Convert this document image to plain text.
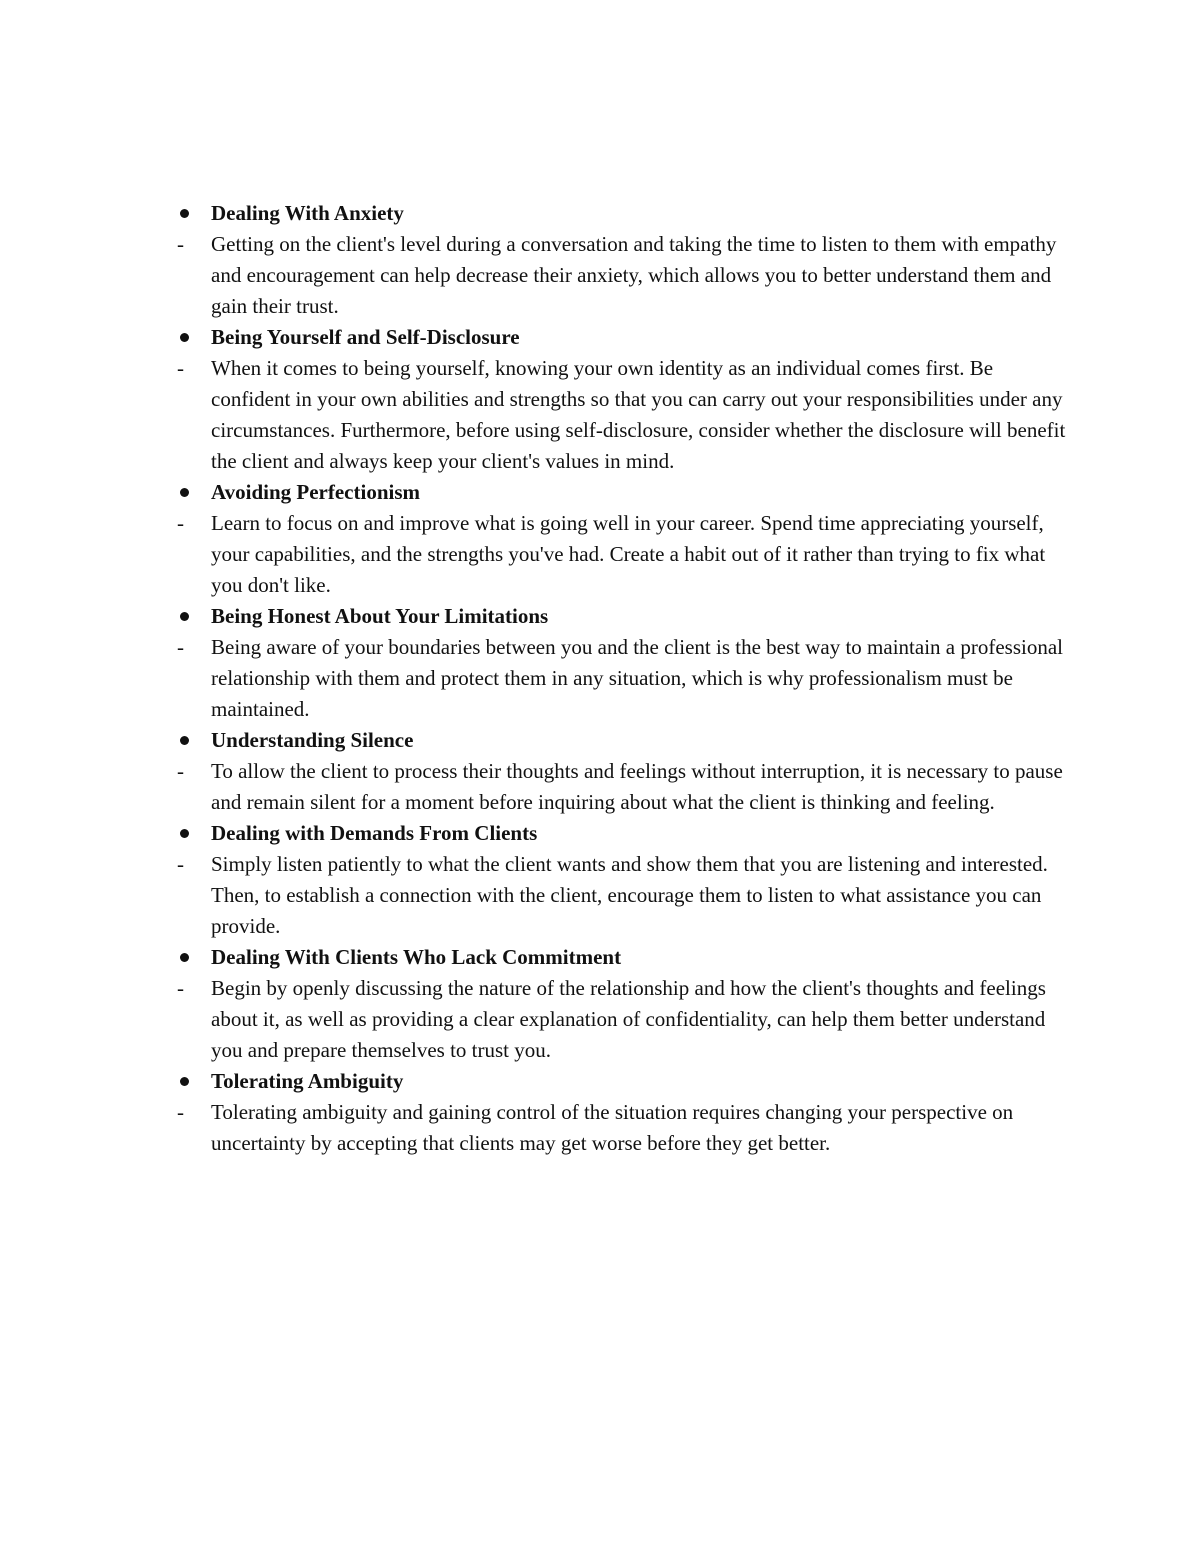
Dealing With Anxiety
-	Getting on the client's level during a conversation and taking the time to listen to them with empathy and encouragement can help decrease their anxiety, which allows you to better understand them and gain their trust.
Being Yourself and Self-Disclosure
-	When it comes to being yourself, knowing your own identity as an individual comes first. Be confident in your own abilities and strengths so that you can carry out your responsibilities under any circumstances. Furthermore, before using self-disclosure, consider whether the disclosure will benefit the client and always keep your client's values in mind.
Avoiding Perfectionism
-	Learn to focus on and improve what is going well in your career. Spend time appreciating yourself, your capabilities, and the strengths you've had. Create a habit out of it rather than trying to fix what you don't like.
Being Honest About Your Limitations
-	Being aware of your boundaries between you and the client is the best way to maintain a professional relationship with them and protect them in any situation, which is why professionalism must be maintained.
Understanding Silence
-	To allow the client to process their thoughts and feelings without interruption, it is necessary to pause and remain silent for a moment before inquiring about what the client is thinking and feeling.
Dealing with Demands From Clients
-	Simply listen patiently to what the client wants and show them that you are listening and interested. Then, to establish a connection with the client, encourage them to listen to what assistance you can provide.
Dealing With Clients Who Lack Commitment
-	Begin by openly discussing the nature of the relationship and how the client's thoughts and feelings about it, as well as providing a clear explanation of confidentiality, can help them better understand you and prepare themselves to trust you.
Tolerating Ambiguity
-	Tolerating ambiguity and gaining control of the situation requires changing your perspective on uncertainty by accepting that clients may get worse before they get better.
